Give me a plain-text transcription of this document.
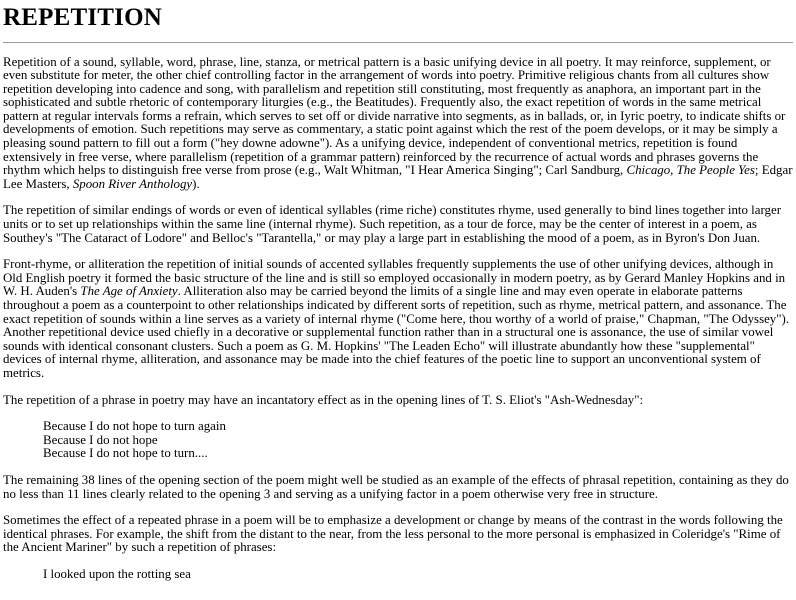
REPETITION

Repetition of a sound, syllable, word, phrase, line, stanza, or metrical pattern is a basic unifying device in all poetry. It may reinforce, supplement, or even substitute for meter, the other chief controlling factor in the arrangement of words into poetry. Primitive religious chants from all cultures show repetition developing into cadence and song, with parallelism and repetition still constituting, most frequently as anaphora, an important part in the sophisticated and subtle rhetoric of contemporary liturgies (e.g., the Beatitudes). Frequently also, the exact repetition of words in the same metrical pattern at regular intervals forms a refrain, which serves to set off or divide narrative into segments, as in ballads, or, in Iyric poetry, to indicate shifts or developments of emotion. Such repetitions may serve as commentary, a static point against which the rest of the poem develops, or it may be simply a pleasing sound pattern to fill out a form ("hey downe adowne"). As a unifying device, independent of conventional metrics, repetition is found extensively in free verse, where parallelism (repetition of a grammar pattern) reinforced by the recurrence of actual words and phrases governs the rhythm which helps to distinguish free verse from prose (e.g., Walt Whitman, "I Hear America Singing"; Carl Sandburg, Chicago, The People Yes; Edgar Lee Masters, Spoon River Anthology).

The repetition of similar endings of words or even of identical syllables (rime riche) constitutes rhyme, used generally to bind lines together into larger units or to set up relationships within the same line (internal rhyme). Such repetition, as a tour de force, may be the center of interest in a poem, as Southey's "The Cataract of Lodore" and Belloc's "Tarantella," or may play a large part in establishing the mood of a poem, as in Byron's Don Juan.

Front-rhyme, or alliteration the repetition of initial sounds of accented syllables frequently supplements the use of other unifying devices, although in Old English poetry it formed the basic structure of the line and is still so employed occasionally in modern poetry, as by Gerard Manley Hopkins and in W. H. Auden's The Age of Anxiety. Alliteration also may be carried beyond the limits of a single line and may even operate in elaborate patterns throughout a poem as a counterpoint to other relationships indicated by different sorts of repetition, such as rhyme, metrical pattern, and assonance. The exact repetition of sounds within a line serves as a variety of internal rhyme ("Come here, thou worthy of a world of praise," Chapman, "The Odyssey"). Another repetitional device used chiefly in a decorative or supplemental function rather than in a structural one is assonance, the use of similar vowel sounds with identical consonant clusters. Such a poem as G. M. Hopkins' "The Leaden Echo" will illustrate abundantly how these "supplemental" devices of internal rhyme, alliteration, and assonance may be made into the chief features of the poetic line to support an unconventional system of metrics.

The repetition of a phrase in poetry may have an incantatory effect as in the opening lines of T. S. Eliot's "Ash-Wednesday":

Because I do not hope to turn again
Because I do not hope
Because I do not hope to turn....

The remaining 38 lines of the opening section of the poem might well be studied as an example of the effects of phrasal repetition, containing as they do no less than 11 lines clearly related to the opening 3 and serving as a unifying factor in a poem otherwise very free in structure.

Sometimes the effect of a repeated phrase in a poem will be to emphasize a development or change by means of the contrast in the words following the identical phrases. For example, the shift from the distant to the near, from the less personal to the more personal is emphasized in Coleridge's "Rime of the Ancient Mariner" by such a repetition of phrases:

I looked upon the rotting sea
